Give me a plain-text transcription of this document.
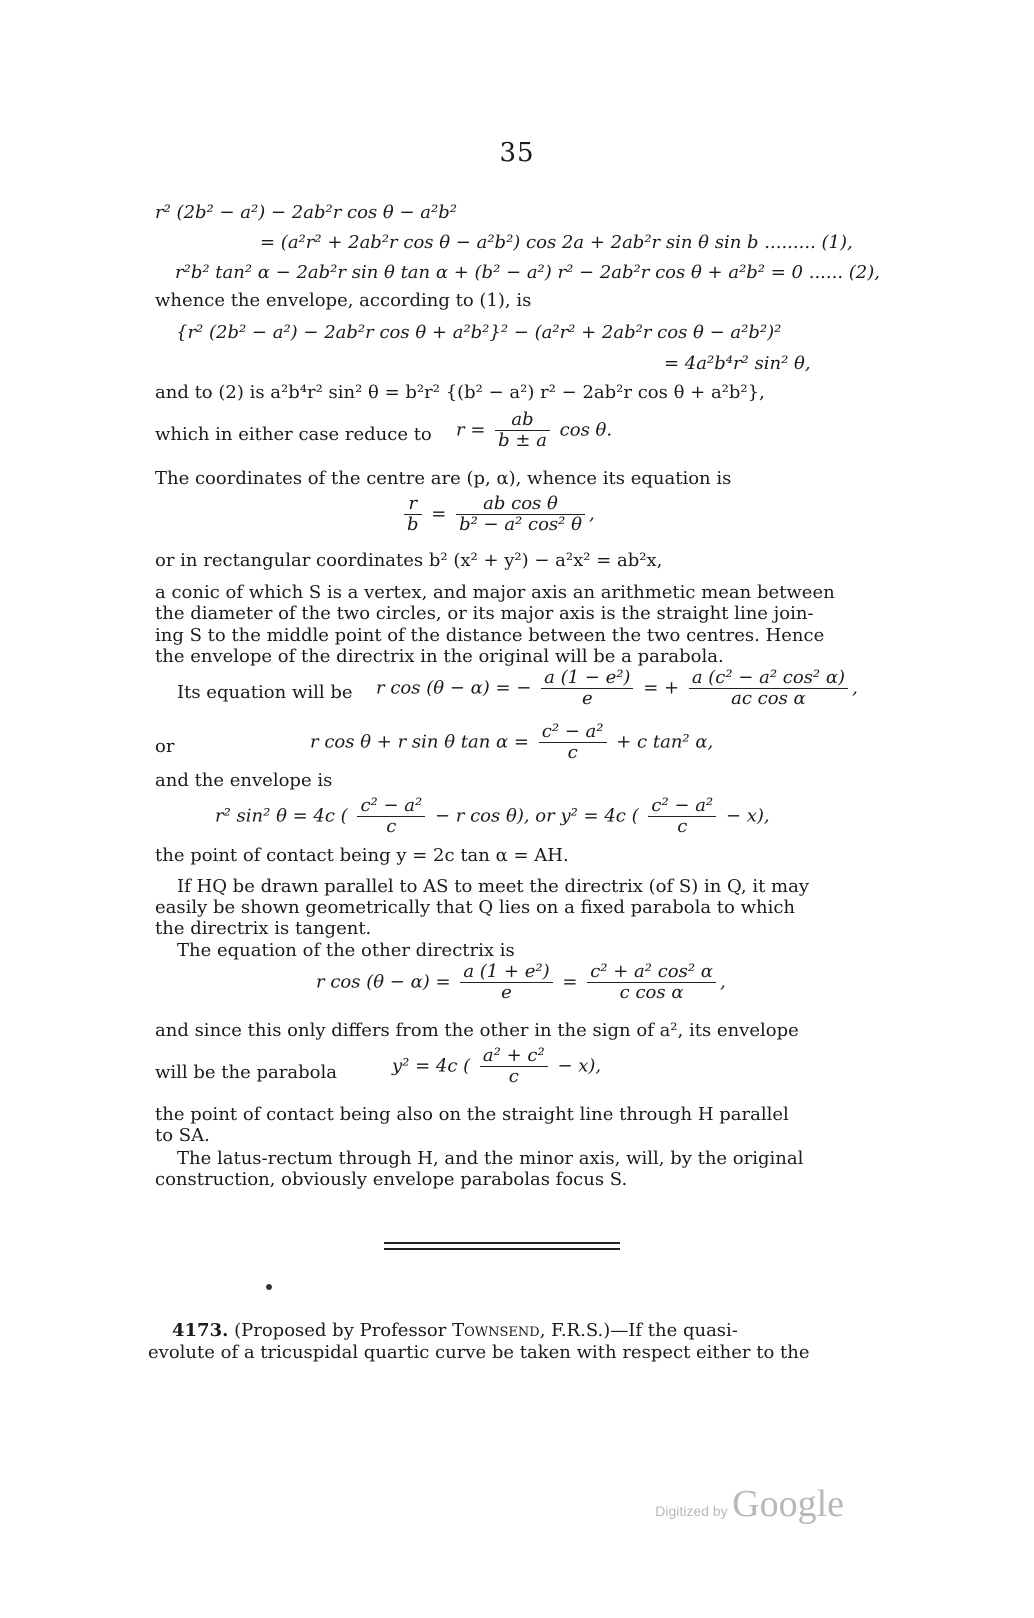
35
r² (2b² − a²) − 2ab²r cos θ − a²b²
= (a²r² + 2ab²r cos θ − a²b²) cos 2a + 2ab²r sin θ sin b ......... (1),
r²b² tan² α − 2ab²r sin θ tan α + (b² − a²) r² − 2ab²r cos θ + a²b² = 0 ...... (2),
whence the envelope, according to (1), is
{r² (2b² − a²) − 2ab²r cos θ + a²b²}² − (a²r² + 2ab²r cos θ − a²b²)²
= 4a²b⁴r² sin² θ,
and to (2) is a²b⁴r² sin² θ = b²r² {(b² − a²) r² − 2ab²r cos θ + a²b²},
which in either case reduce to $r = \frac{ab}{b \pm a}$ cos θ.
The coordinates of the centre are (p, α), whence its equation is
$\frac{r}{b} = \frac{\text{ab cos θ}}{\text{b² − a² cos² θ}}$ ,
or in rectangular coordinates b² (x² + y²) − a²x² = ab²x,
a conic of which S is a vertex, and major axis an arithmetic mean between
the diameter of the two circles, or its major axis is the straight line join-
ing S to the middle point of the distance between the two centres. Hence
the envelope of the directrix in the original will be a parabola.
Its equation will be r cos (θ − α) = − $\frac{\text{a (1 − e²)}}{e}$ = + $\frac{\text{a (c² − a² cos² α)}}{\text{ac cos α}}$ ,
or	r cos θ + r sin θ $\tan \alpha = \frac{\text{c² − a²}}{c} + c$ tan² α,
and the envelope is
r² sin² θ = 4c ( $\frac{\text{c² − a²}}{c} - r$ cos θ), or y² = 4c ( $\frac{\text{c² − a²}}{c} - x$),
the point of contact being y = 2c tan α = AH.
If HQ be drawn parallel to AS to meet the directrix (of S) in Q, it may
easily be shown geometrically that Q lies on a fixed parabola to which
the directrix is tangent.
The equation of the other directrix is
r $\cos (\theta - \alpha) = \frac{\text{a (1 + e²)}}{e} = \frac{\text{c² + a² cos² α}}{\text{c cos α}}$ ,
and since this only differs from the other in the sign of a², its envelope
will be the parabola	y² = 4c ( $\frac{\text{a² + c²}}{c} - x$),
the point of contact being also on the straight line through H parallel
to SA.
The latus-rectum through H, and the minor axis, will, by the original
construction, obviously envelope parabolas focus S.
4173. (Proposed by Professor Townsend, F.R.S.)—If the quasi-
evolute of a tricuspidal quartic curve be taken with respect either to the
Digitized by Google
